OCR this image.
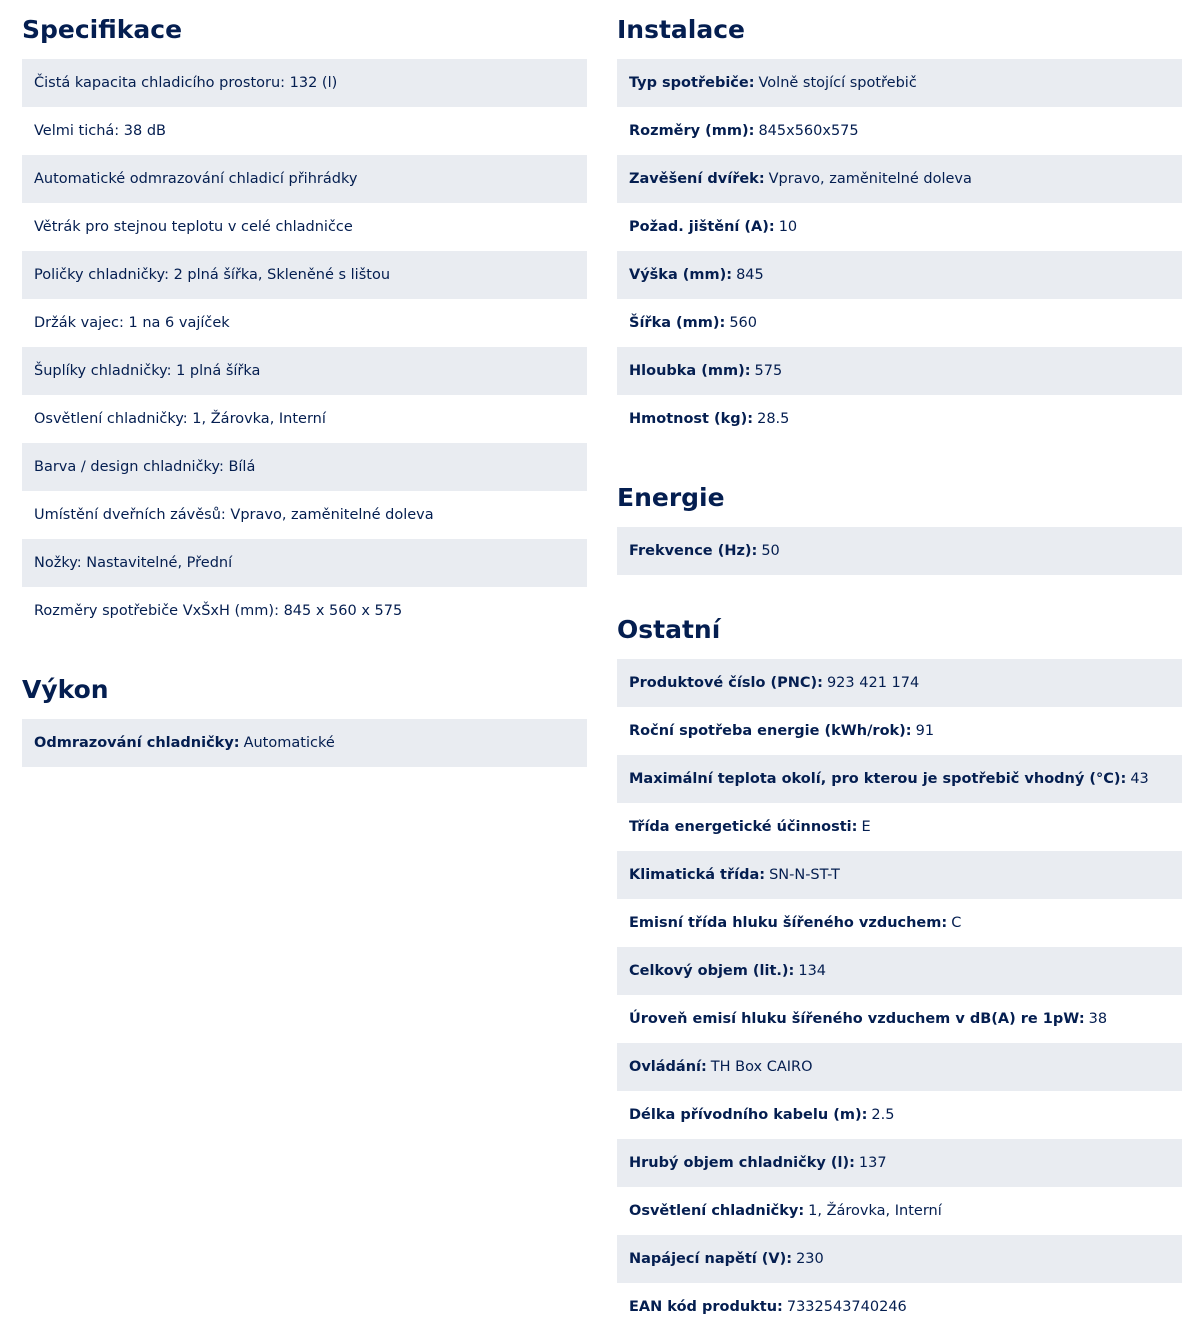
Specifikace
Čistá kapacita chladicího prostoru: 132 (l)
Velmi tichá: 38 dB
Automatické odmrazování chladicí přihrádky
Větrák pro stejnou teplotu v celé chladničce
Poličky chladničky: 2 plná šířka, Skleněné s lištou
Držák vajec: 1 na 6 vajíček
Šuplíky chladničky: 1 plná šířka
Osvětlení chladničky: 1, Žárovka, Interní
Barva / design chladničky: Bílá
Umístění dveřních závěsů: Vpravo, zaměnitelné doleva
Nožky: Nastavitelné, Přední
Rozměry spotřebiče VxŠxH (mm): 845 x 560 x 575
Výkon
Odmrazování chladničky: Automatické
Instalace
Typ spotřebiče: Volně stojící spotřebič
Rozměry (mm): 845x560x575
Zavěšení dvířek: Vpravo, zaměnitelné doleva
Požad. jištění (A): 10
Výška (mm): 845
Šířka (mm): 560
Hloubka (mm): 575
Hmotnost (kg): 28.5
Energie
Frekvence (Hz): 50
Ostatní
Produktové číslo (PNC): 923 421 174
Roční spotřeba energie (kWh/rok): 91
Maximální teplota okolí, pro kterou je spotřebič vhodný (°C): 43
Třída energetické účinnosti: E
Klimatická třída: SN-N-ST-T
Emisní třída hluku šířeného vzduchem: C
Celkový objem (lit.): 134
Úroveň emisí hluku šířeného vzduchem v dB(A) re 1pW: 38
Ovládání: TH Box CAIRO
Délka přívodního kabelu (m): 2.5
Hrubý objem chladničky (l): 137
Osvětlení chladničky: 1, Žárovka, Interní
Napájecí napětí (V): 230
EAN kód produktu: 7332543740246
